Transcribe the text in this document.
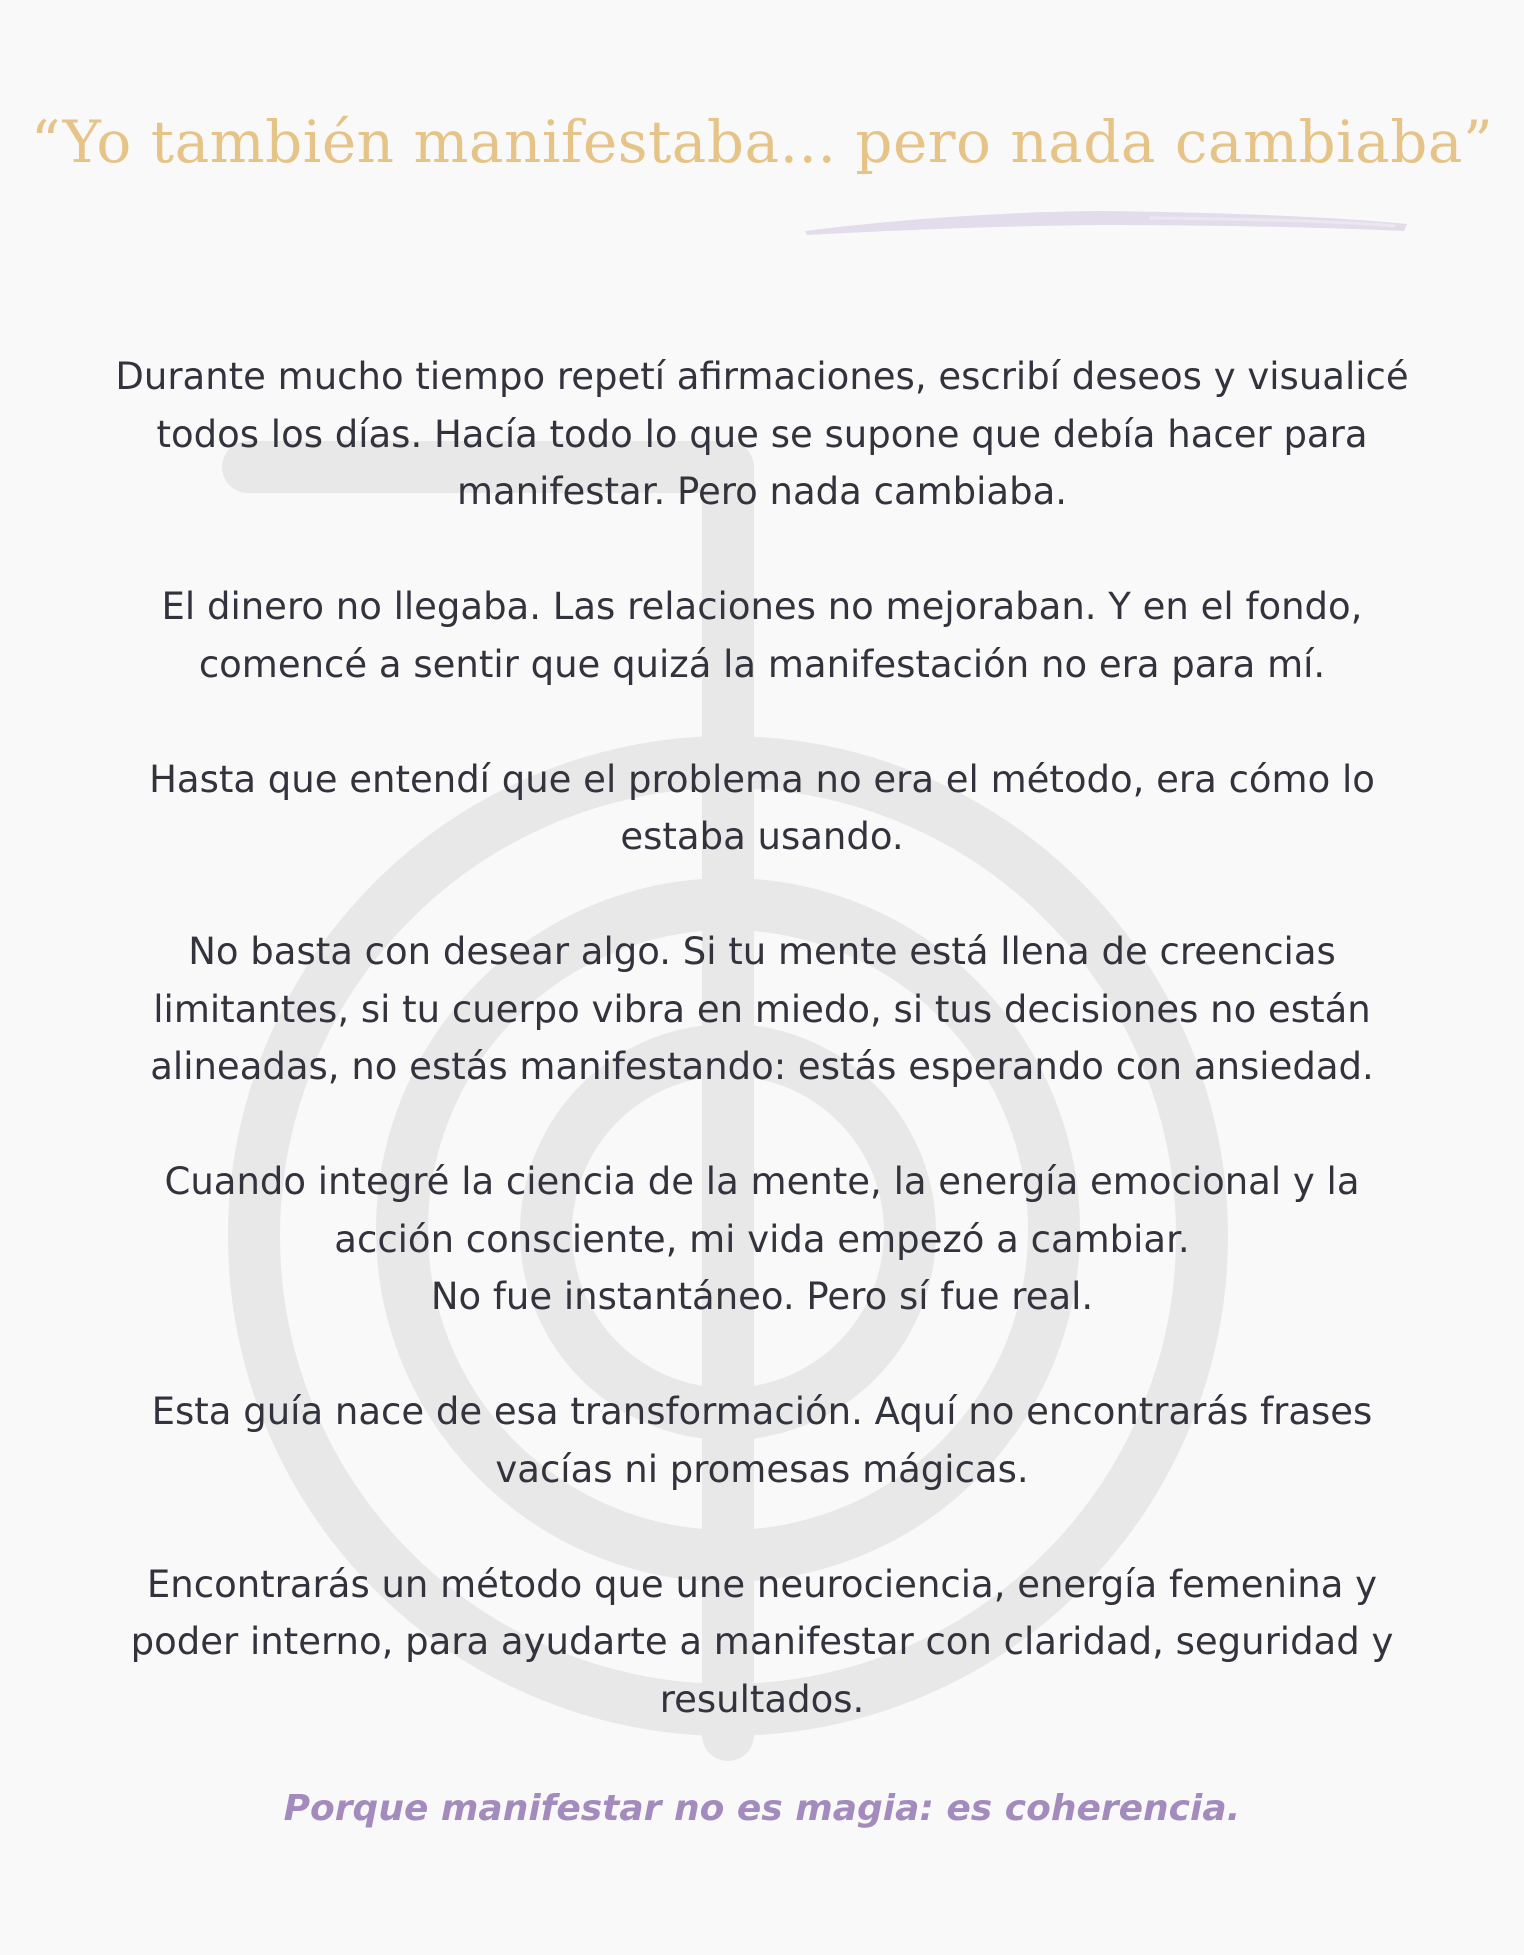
“Yo también manifestaba... pero nada cambiaba”

Durante mucho tiempo repetí afirmaciones, escribí deseos y visualicé todos los días. Hacía todo lo que se supone que debía hacer para manifestar. Pero nada cambiaba.

El dinero no llegaba. Las relaciones no mejoraban. Y en el fondo, comencé a sentir que quizá la manifestación no era para mí.

Hasta que entendí que el problema no era el método, era cómo lo estaba usando.

No basta con desear algo. Si tu mente está llena de creencias limitantes, si tu cuerpo vibra en miedo, si tus decisiones no están alineadas, no estás manifestando: estás esperando con ansiedad.

Cuando integré la ciencia de la mente, la energía emocional y la acción consciente, mi vida empezó a cambiar.
No fue instantáneo. Pero sí fue real.

Esta guía nace de esa transformación. Aquí no encontrarás frases vacías ni promesas mágicas.

Encontrarás un método que une neurociencia, energía femenina y poder interno, para ayudarte a manifestar con claridad, seguridad y resultados.

Porque manifestar no es magia: es coherencia.
